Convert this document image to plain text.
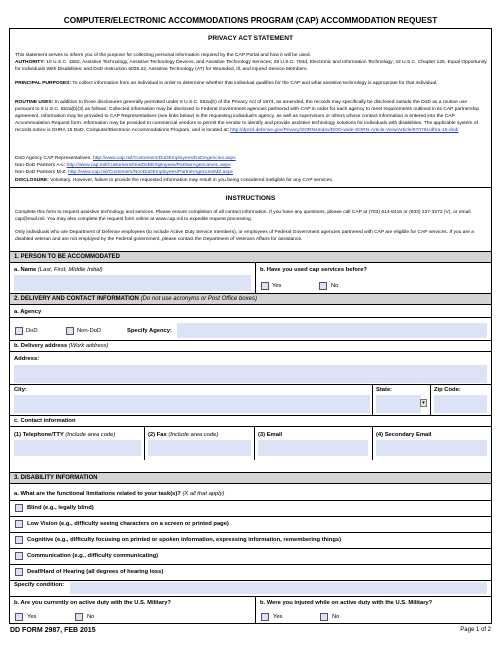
COMPUTER/ELECTRONIC ACCOMMODATIONS PROGRAM (CAP) ACCOMMODATION REQUEST
PRIVACY ACT STATEMENT
This statement serves to inform you of the purpose for collecting personal information required by the CAP Portal and how it will be used.
AUTHORITY: 10 U.S.C. 1582, Assistive Technology, Assistive Technology Devices, and Assistive Technology Services; 29 U.S.C. 794d, Electronic and Information Technology; 42 U.S.C. Chapter 126, Equal Opportunity for Individuals With Disabilities; and DoD Instruction 6025.22, Assistive Technology (AT) for Wounded, Ill, and Injured Service Members.
PRINCIPAL PURPOSES: To collect information from an individual in order to determine whether that individual qualifies for the CAP and what assistive technology is appropriate for that individual.
ROUTINE USES: In addition to those disclosures generally permitted under 5 U.S.C. 552a(b) of the Privacy Act of 1974, as amended, the records may specifically be disclosed outside the DoD as a routine use pursuant to 5 U.S.C. 552a(b)(3) as follows: Collected information may be disclosed to Federal Government agencies partnered with CAP in order for each agency to meet requirements outlined in its CAP partnership agreement. Information may be provided to CAP Representatives (see links below) in the requesting individual's agency, as well as supervisors or others whose contact information is entered into the CAP Accommodation Request form. Information may be provided to commercial vendors to permit the vendor to identify and provide assistive technology solutions for individuals with disabilities. The applicable system of records notice is DHRA 15 DoD, Computer/Electronic Accommodations Program, and is located at: http://dpcld.defense.gov/Privacy/SORNsIndex/DOD-wide-SORN-Article-View/Article/570761/dhra-15-dod/
DoD Agency CAP Representatives: http://www.cap.mil/Customers/DoDEmployees/DoDAgencies.aspx
Non-DoD Partners A-L: http://www.cap.mil/Customers/NonDoDEmployees/PartnerAgenciesAL.aspx
Non-DoD Partners M-Z: http://www.cap.mil/Customers/NonDoDEmployees/PartnerAgenciesMZ.aspx
DISCLOSURE: Voluntary. However, failure to provide the requested information may result in you being considered ineligible for any CAP services.
INSTRUCTIONS
Complete this form to request assistive technology and services. Please ensure completion of all contact information. If you have any questions, please call CAP at (703) 614-8416 or (833) 227-3272 (V), or email cap@mail.mil. You may also complete the request form online at www.cap.mil to expedite request processing.
Only individuals who are Department of Defense employees (to include Active Duty Service members), or employees of Federal Government agencies partnered with CAP are eligible for CAP services. If you are a disabled veteran and are not employed by the Federal government, please contact the Department of Veterans Affairs for assistance.
1. PERSON TO BE ACCOMMODATED
a. Name (Last, First, Middle Initial)	b. Have you used cap services before?
Yes	No
2. DELIVERY AND CONTACT INFORMATION (Do not use acronyms or Post Office boxes)
a. Agency
DoD	Non-DoD	Specify Agency:
b. Delivery address (Work address)
Address:
City:	State:
▾
Zip Code:
c. Contact information
(1) Telephone/TTY (Include area code)	(2) Fax (Include area code)	(3) Email	(4) Secondary Email
3. DISABILITY INFORMATION
a. What are the functional limitations related to your task(s)? (X all that apply)
Blind (e.g., legally blind)
Low Vision (e.g., difficulty seeing characters on a screen or printed page)
Cognitive (e.g., difficulty focusing on printed or spoken information, expressing information, remembering things)
Communication (e.g., difficulty communicating)
Deaf/Hard of Hearing (all degrees of hearing loss)
Specify condition:
b. Are you currently on active duty with the U.S. Military?
Yes	No
b. Were you injured while on active duty with the U.S. Military?
Yes	No
DD FORM 2987, FEB 2015	Page 1 of 2
